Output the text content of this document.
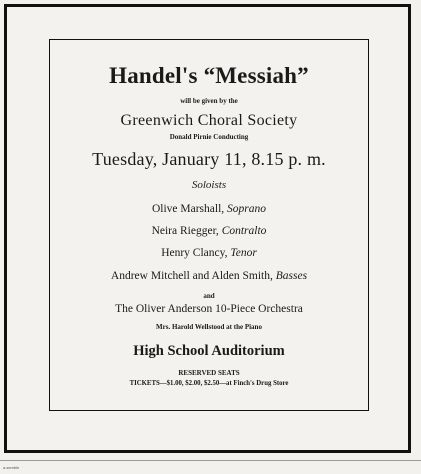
Handel's “Messiah”
will be given by the
Greenwich Choral Society
Donald Pirnie Conducting
Tuesday, January 11, 8.15 p. m.
Soloists
Olive Marshall, Soprano
Neira Riegger, Contralto
Henry Clancy, Tenor
Andrew Mitchell and Alden Smith, Basses
and
The Oliver Anderson 10-Piece Orchestra
Mrs. Harold Wellstood at the Piano
High School Auditorium
RESERVED SEATS
TICKETS—$1.00, $2.00, $2.50—at Finch's Drug Store
a.semble
